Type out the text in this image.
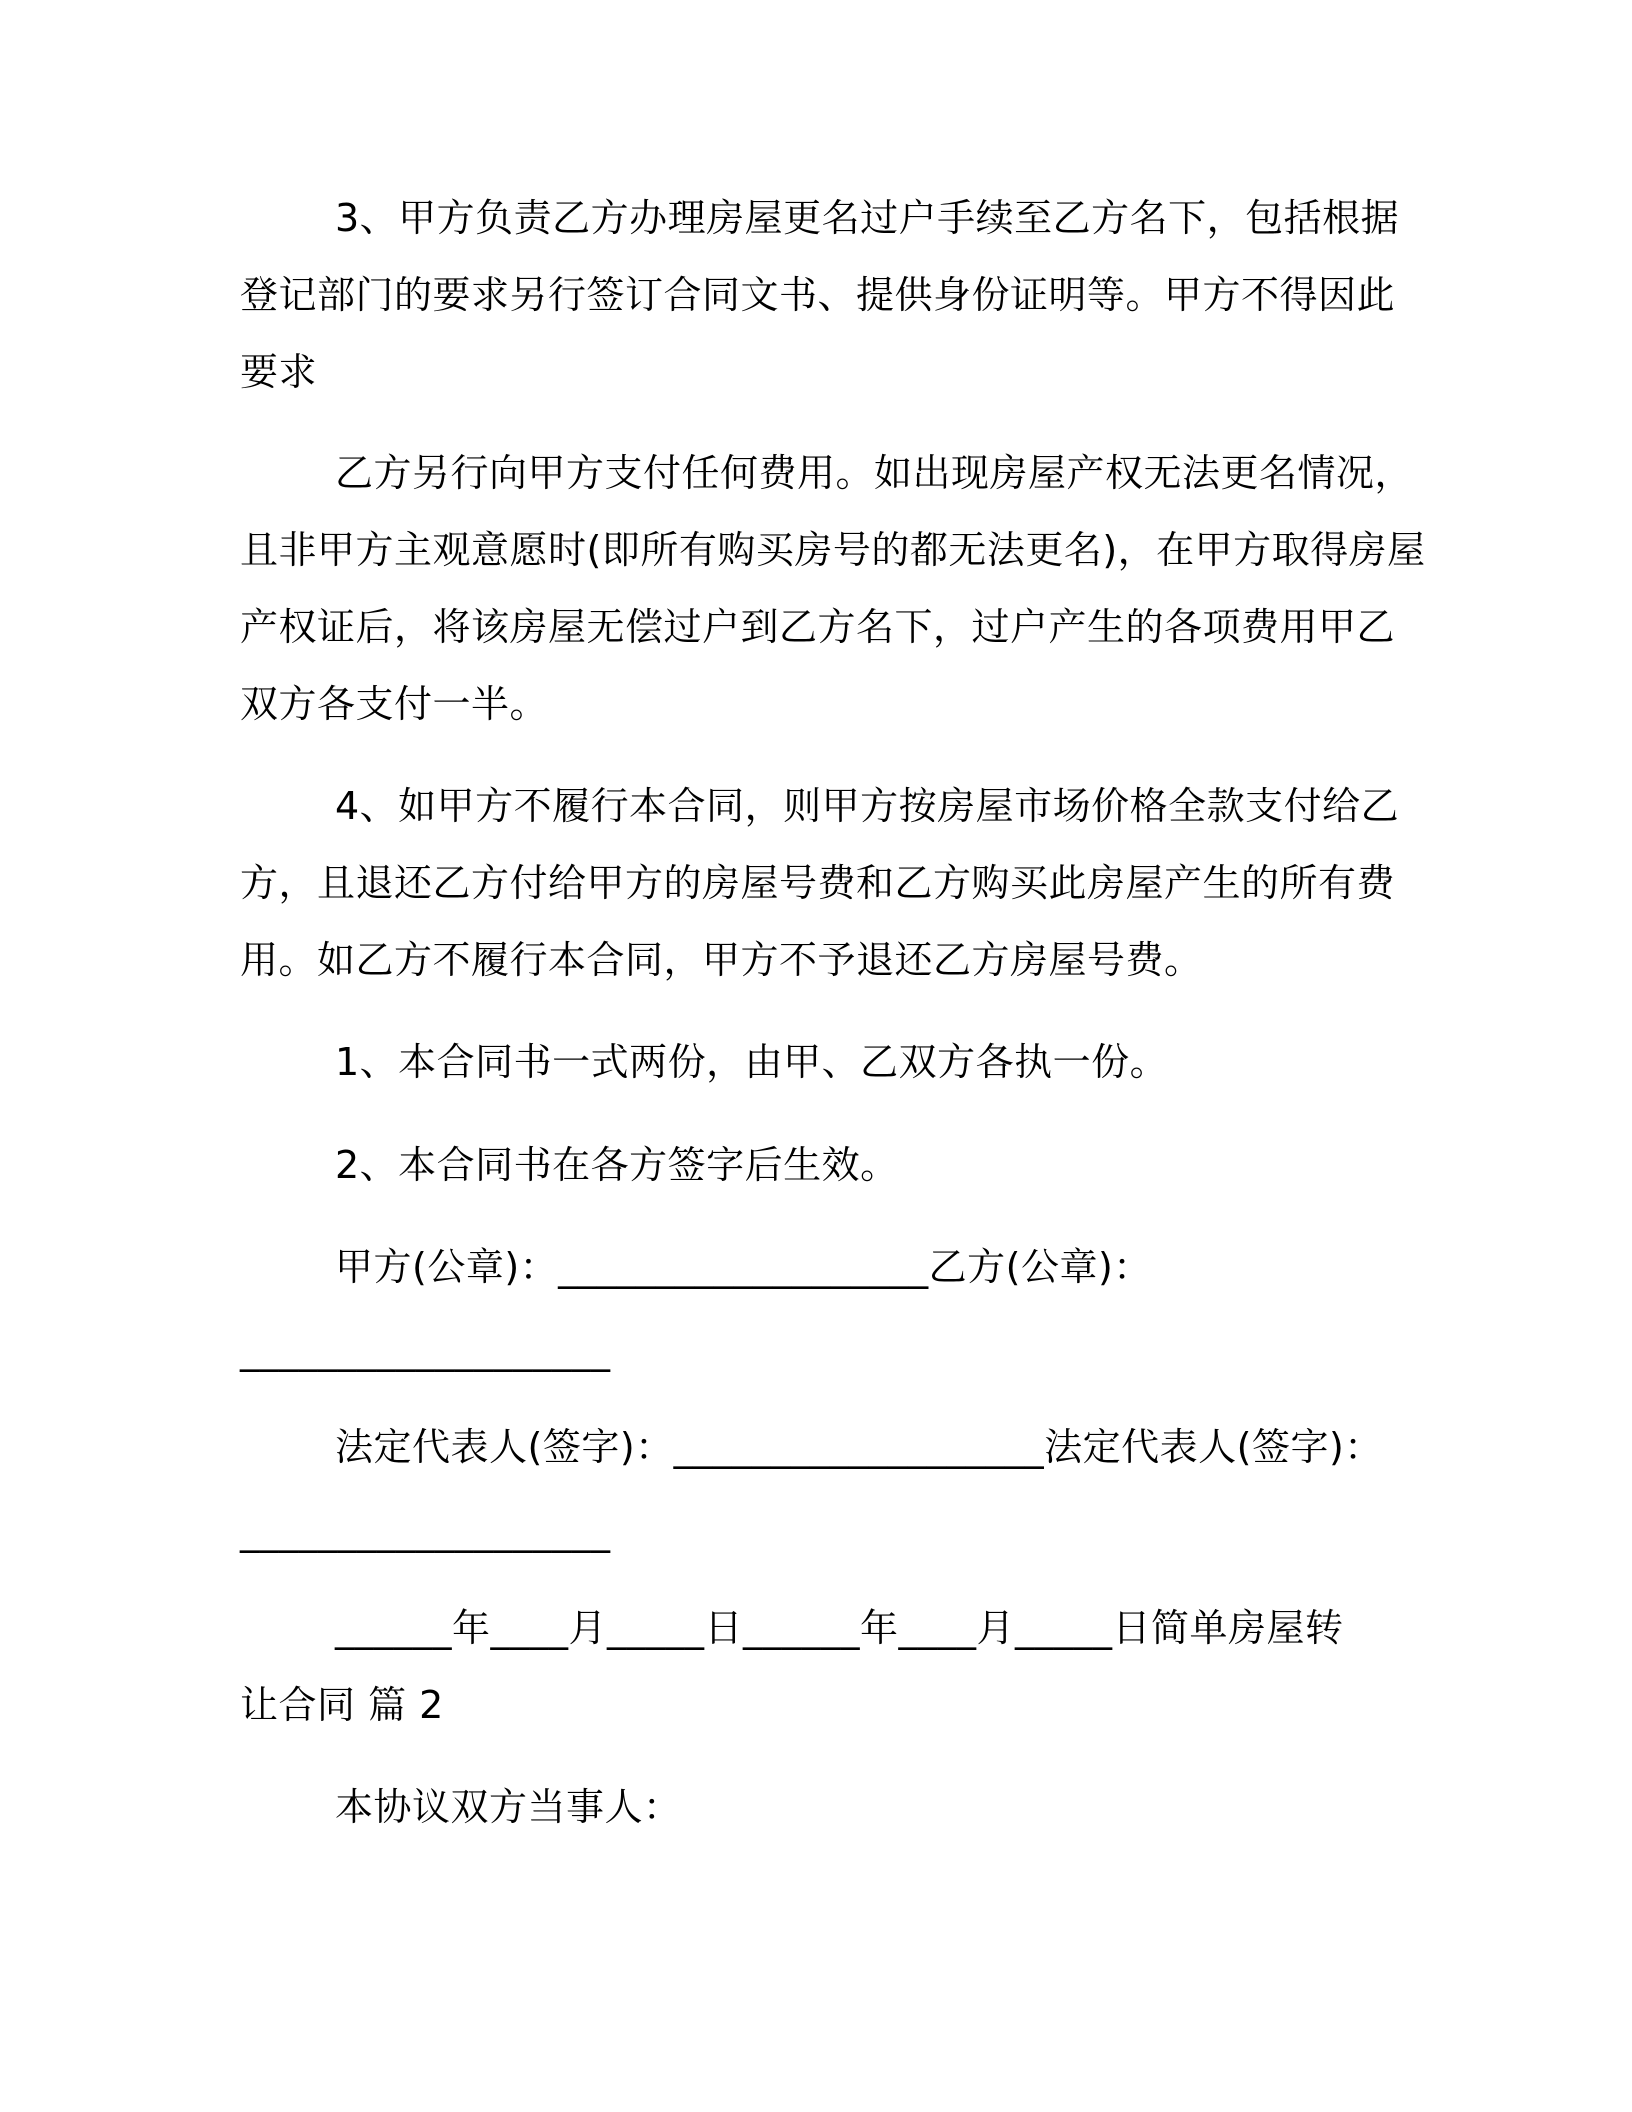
3、甲方负责乙方办理房屋更名过户手续至乙方名下，包括根据
登记部门的要求另行签订合同文书、提供身份证明等。甲方不得因此
要求
乙方另行向甲方支付任何费用。如出现房屋产权无法更名情况，
且非甲方主观意愿时(即所有购买房号的都无法更名)，在甲方取得房屋
产权证后，将该房屋无偿过户到乙方名下，过户产生的各项费用甲乙
双方各支付一半。
4、如甲方不履行本合同，则甲方按房屋市场价格全款支付给乙
方，且退还乙方付给甲方的房屋号费和乙方购买此房屋产生的所有费
用。如乙方不履行本合同，甲方不予退还乙方房屋号费。
1、本合同书一式两份，由甲、乙双方各执一份。
2、本合同书在各方签字后生效。
甲方(公章)：___________________乙方(公章)：
___________________
法定代表人(签字)：___________________法定代表人(签字)：
___________________
______年____月_____日______年____月_____日简单房屋转
让合同 篇 2
本协议双方当事人：
